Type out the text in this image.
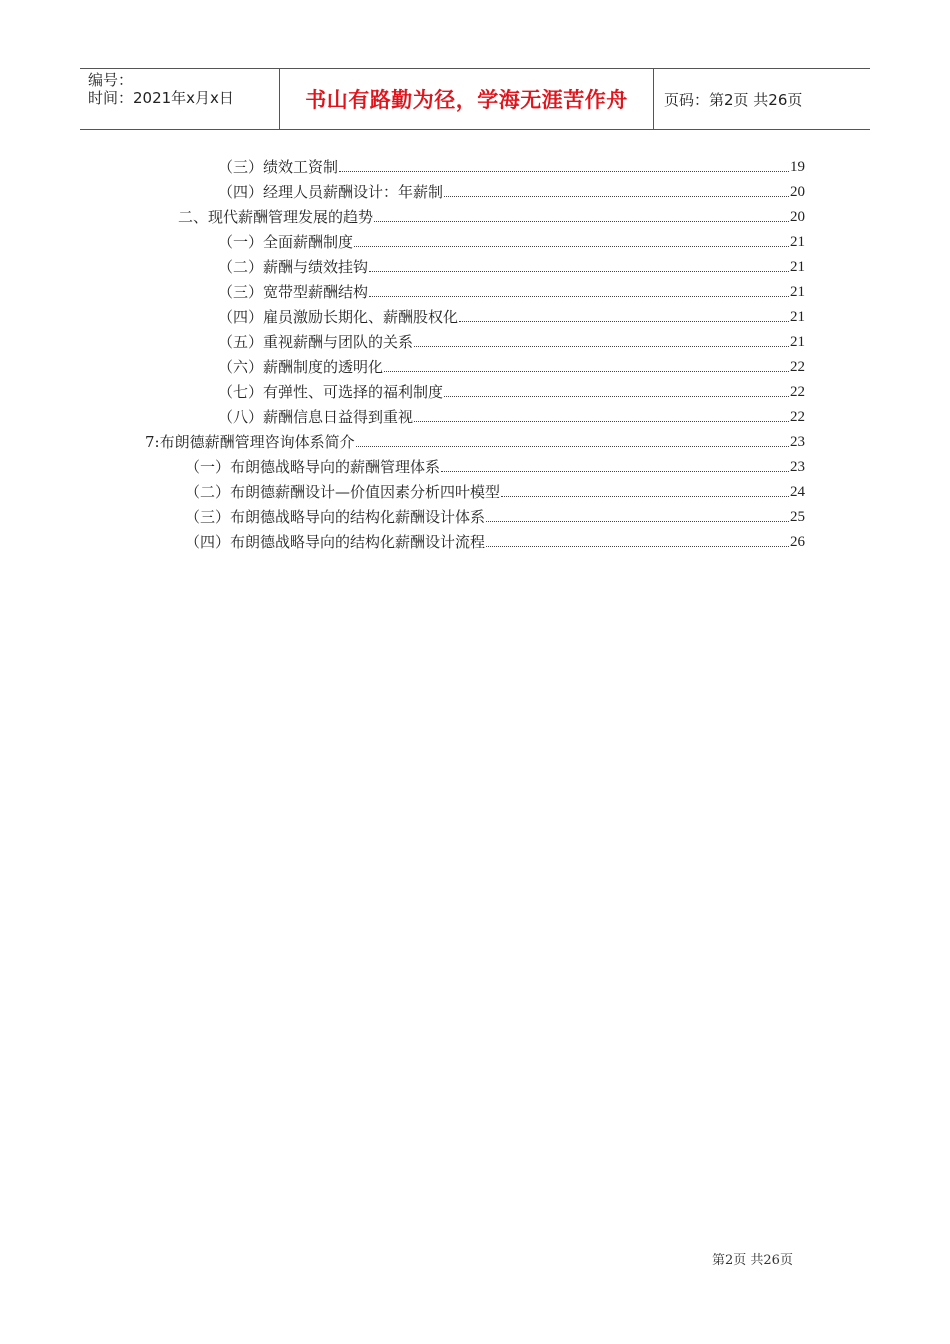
编号：
时间：2021年x月x日	书山有路勤为径，学海无涯苦作舟 页码：第2页 共26页
（三）绩效工资制	19
（四）经理人员薪酬设计：年薪制	20
二、现代薪酬管理发展的趋势	20
（一）全面薪酬制度	21
（二）薪酬与绩效挂钩	21
（三）宽带型薪酬结构	21
（四）雇员激励长期化、薪酬股权化	21
（五）重视薪酬与团队的关系	21
（六）薪酬制度的透明化	22
（七）有弹性、可选择的福利制度	22
（八）薪酬信息日益得到重视	22
7:布朗德薪酬管理咨询体系简介	23
（一）布朗德战略导向的薪酬管理体系	23
（二）布朗德薪酬设计—价值因素分析四叶模型	24
（三）布朗德战略导向的结构化薪酬设计体系	25
（四）布朗德战略导向的结构化薪酬设计流程	26
第2页 共26页
